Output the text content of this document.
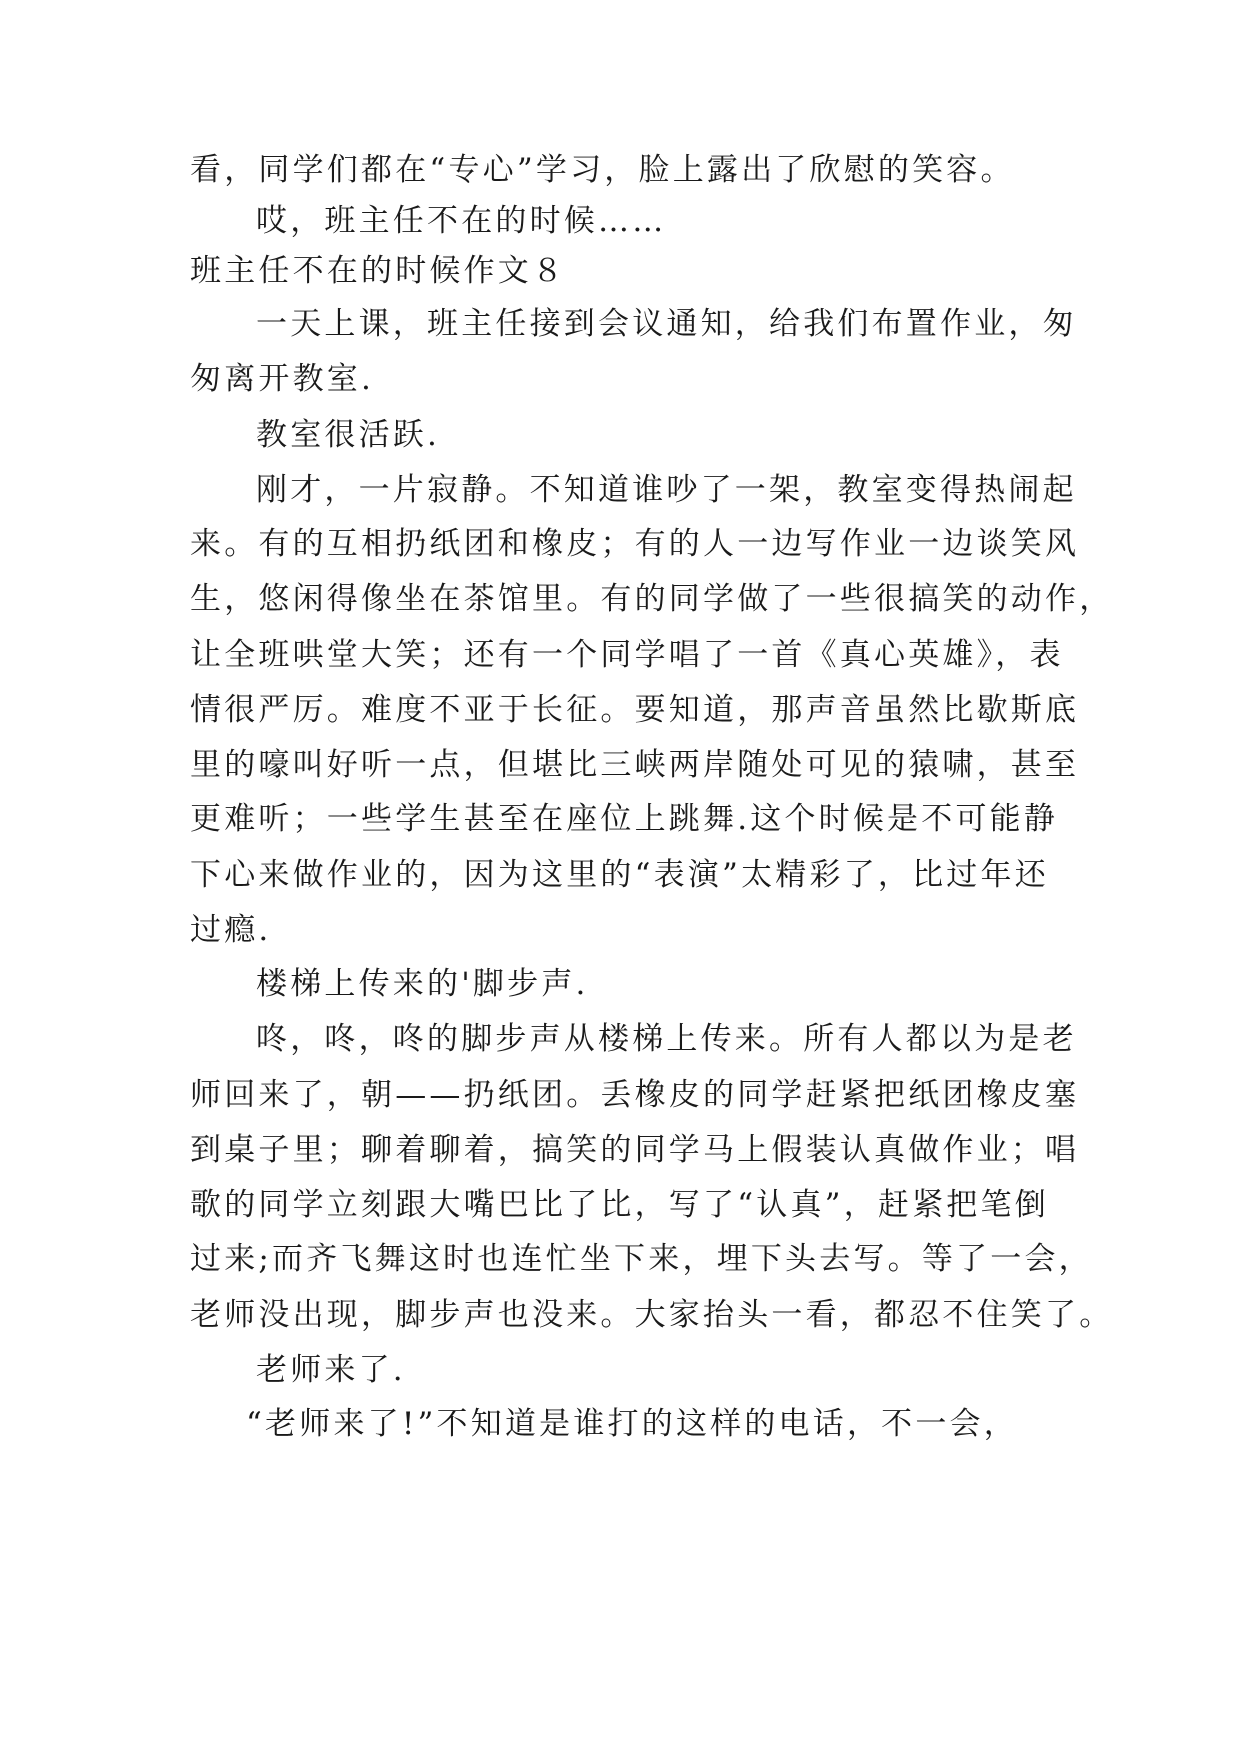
看，同学们都在“专心”学习，脸上露出了欣慰的笑容。
哎，班主任不在的时候……
班主任不在的时候作文８
一天上课，班主任接到会议通知，给我们布置作业，匆
匆离开教室.
教室很活跃.
刚才，一片寂静。不知道谁吵了一架，教室变得热闹起
来。有的互相扔纸团和橡皮；有的人一边写作业一边谈笑风
生，悠闲得像坐在茶馆里。有的同学做了一些很搞笑的动作，
让全班哄堂大笑；还有一个同学唱了一首《真心英雄》，表
情很严厉。难度不亚于长征。要知道，那声音虽然比歇斯底
里的嚎叫好听一点，但堪比三峡两岸随处可见的猿啸，甚至
更难听；一些学生甚至在座位上跳舞.这个时候是不可能静
下心来做作业的，因为这里的“表演”太精彩了，比过年还
过瘾.
楼梯上传来的'脚步声.
咚，咚，咚的脚步声从楼梯上传来。所有人都以为是老
师回来了，朝——扔纸团。丢橡皮的同学赶紧把纸团橡皮塞
到桌子里；聊着聊着，搞笑的同学马上假装认真做作业；唱
歌的同学立刻跟大嘴巴比了比，写了“认真”，赶紧把笔倒
过来;而齐飞舞这时也连忙坐下来，埋下头去写。等了一会，
老师没出现，脚步声也没来。大家抬头一看，都忍不住笑了。
老师来了.
“老师来了!”不知道是谁打的这样的电话，不一会，
